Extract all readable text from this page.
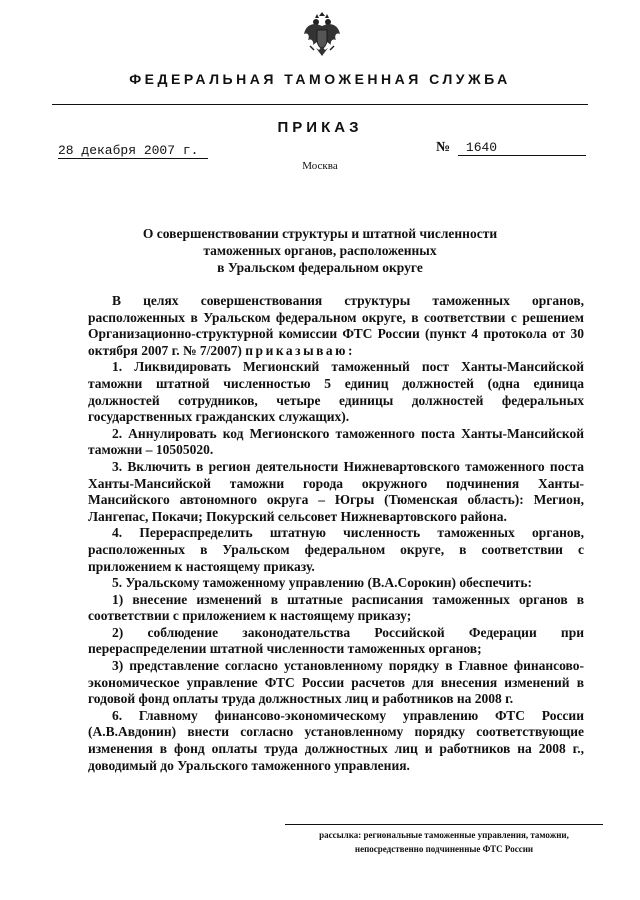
ФЕДЕРАЛЬНАЯ ТАМОЖЕННАЯ СЛУЖБА
ПРИКАЗ
28 декабря 2007 г.	№ 1640
Москва
О совершенствовании структуры и штатной численности
таможенных органов, расположенных
в Уральском федеральном округе

В целях совершенствования структуры таможенных органов, расположенных в Уральском федеральном округе, в соответствии с решением Организационно-структурной комиссии ФТС России (пункт 4 протокола от 30 октября 2007 г. № 7/2007) приказываю:

1. Ликвидировать Мегионский таможенный пост Ханты-Мансийской таможни штатной численностью 5 единиц должностей (одна единица должностей сотрудников, четыре единицы должностей федеральных государственных гражданских служащих).

2. Аннулировать код Мегионского таможенного поста Ханты-Мансийской таможни – 10505020.

3. Включить в регион деятельности Нижневартовского таможенного поста Ханты-Мансийской таможни города окружного подчинения Ханты-Мансийского автономного округа – Югры (Тюменская область): Мегион, Лангепас, Покачи; Покурский сельсовет Нижневартовского района.

4. Перераспределить штатную численность таможенных органов, расположенных в Уральском федеральном округе, в соответствии с приложением к настоящему приказу.

5. Уральскому таможенному управлению (В.А.Сорокин) обеспечить:

1) внесение изменений в штатные расписания таможенных органов в соответствии с приложением к настоящему приказу;

2) соблюдение законодательства Российской Федерации при перераспределении штатной численности таможенных органов;

3) представление согласно установленному порядку в Главное финансово-экономическое управление ФТС России расчетов для внесения изменений в годовой фонд оплаты труда должностных лиц и работников на 2008 г.

6. Главному финансово-экономическому управлению ФТС России (А.В.Авдонин) внести согласно установленному порядку соответствующие изменения в фонд оплаты труда должностных лиц и работников на 2008 г., доводимый до Уральского таможенного управления.

рассылка: региональные таможенные управления, таможни,
непосредственно подчиненные ФТС России
